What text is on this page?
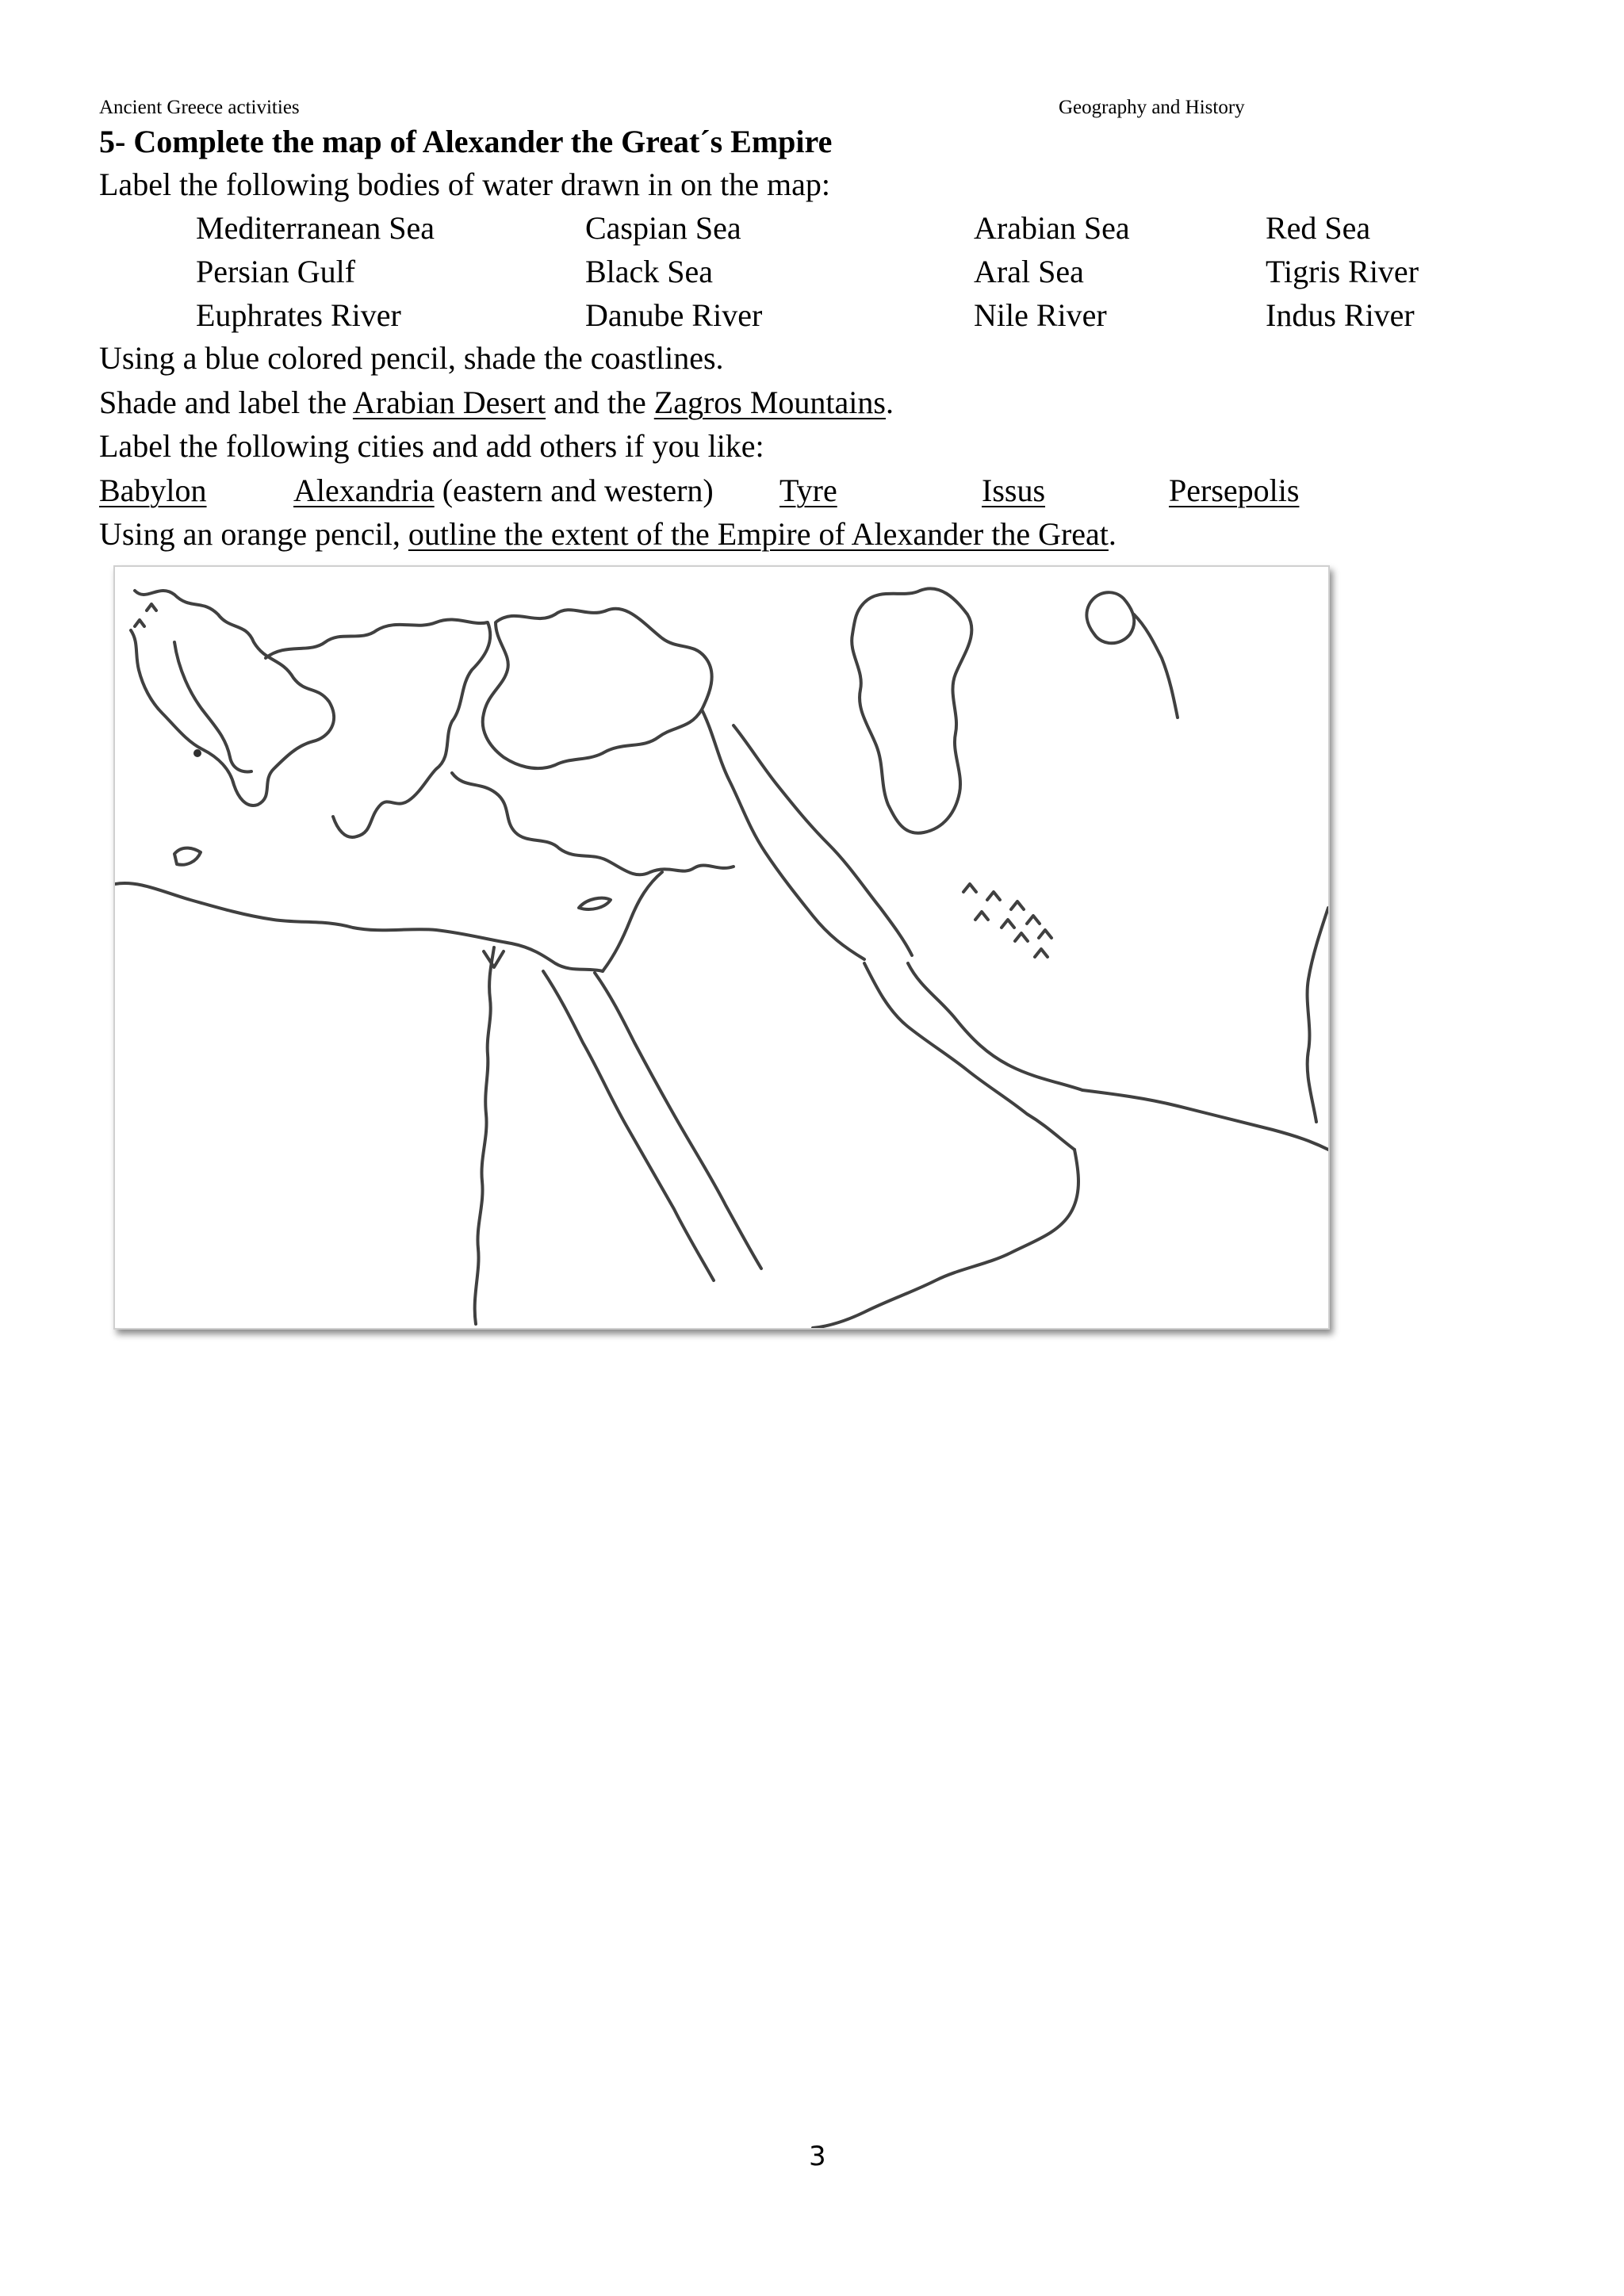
Ancient Greece activities	Geography and History
5- Complete the map of Alexander the Great´s Empire
Label the following bodies of water drawn in on the map:
Mediterranean Sea	Caspian Sea	Arabian Sea	Red Sea
Persian Gulf	Black Sea	Aral Sea	Tigris River
Euphrates River	Danube River	Nile River	Indus River
Using a blue colored pencil, shade the coastlines.
Shade and label the Arabian Desert and the Zagros Mountains.
Label the following cities and add others if you like:
Babylon	Alexandria (eastern and western) Tyre	Issus	Persepolis
Using an orange pencil, outline the extent of the Empire of Alexander the Great.
3
